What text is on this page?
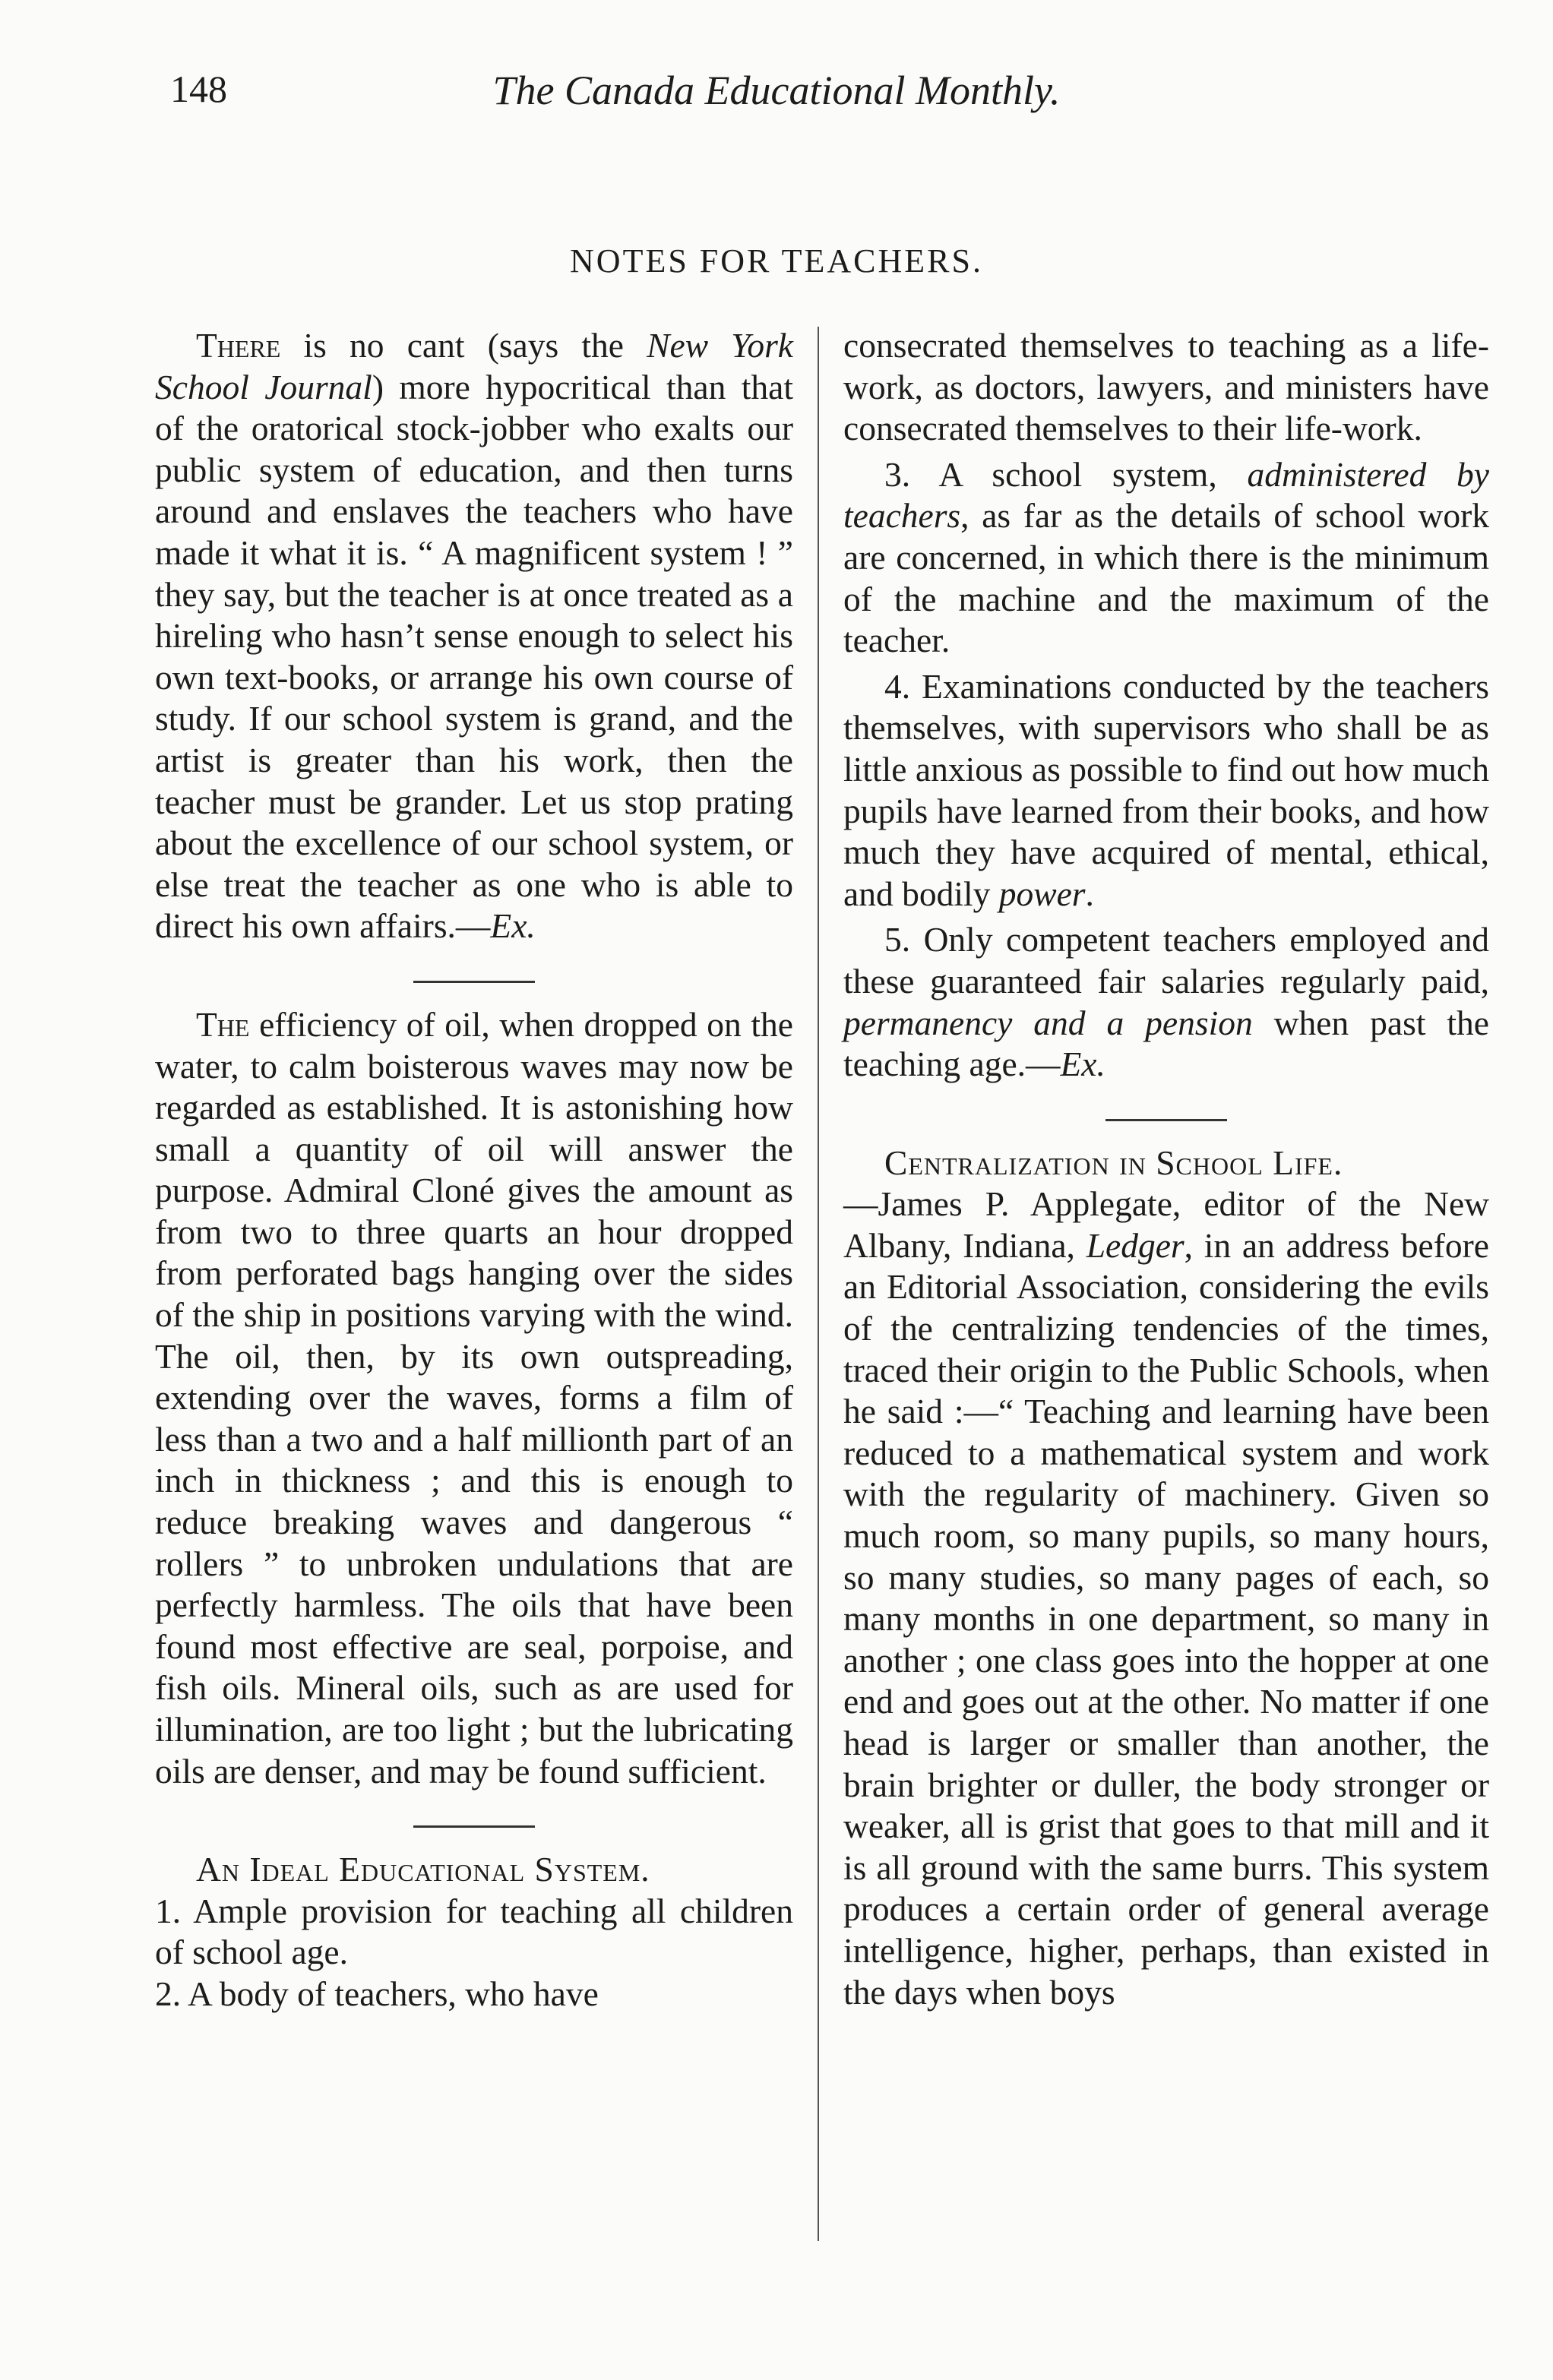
148	The Canada Educational Monthly.
NOTES FOR TEACHERS.

There is no cant (says the New York School Journal) more hypocritical than that of the oratorical stock-jobber who exalts our public system of education, and then turns around and enslaves the teachers who have made it what it is. “ A magnificent system ! ” they say, but the teacher is at once treated as a hireling who hasn’t sense enough to select his own text-books, or arrange his own course of study. If our school system is grand, and the artist is greater than his work, then the teacher must be grander. Let us stop prating about the excellence of our school system, or else treat the teacher as one who is able to direct his own affairs.—Ex.

The efficiency of oil, when dropped on the water, to calm boisterous waves may now be regarded as established. It is astonishing how small a quantity of oil will answer the purpose. Admiral Cloné gives the amount as from two to three quarts an hour dropped from perforated bags hanging over the sides of the ship in positions varying with the wind. The oil, then, by its own outspreading, extending over the waves, forms a film of less than a two and a half millionth part of an inch in thickness ; and this is enough to reduce breaking waves and dangerous “ rollers ” to unbroken undulations that are perfectly harmless. The oils that have been found most effective are seal, porpoise, and fish oils. Mineral oils, such as are used for illumination, are too light ; but the lubricating oils are denser, and may be found sufficient.

An Ideal Educational System.

1. Ample provision for teaching all children of school age.

2. A body of teachers, who have

consecrated themselves to teaching as a life-work, as doctors, lawyers, and ministers have consecrated themselves to their life-work.

3. A school system, administered by teachers, as far as the details of school work are concerned, in which there is the minimum of the machine and the maximum of the teacher.

4. Examinations conducted by the teachers themselves, with supervisors who shall be as little anxious as possible to find out how much pupils have learned from their books, and how much they have acquired of mental, ethical, and bodily power.

5. Only competent teachers employed and these guaranteed fair salaries regularly paid, permanency and a pension when past the teaching age.—Ex.

Centralization in School Life.

—James P. Applegate, editor of the New Albany, Indiana, Ledger, in an address before an Editorial Association, considering the evils of the centralizing tendencies of the times, traced their origin to the Public Schools, when he said :—“ Teaching and learning have been reduced to a mathematical system and work with the regularity of machinery. Given so much room, so many pupils, so many hours, so many studies, so many pages of each, so many months in one department, so many in another ; one class goes into the hopper at one end and goes out at the other. No matter if one head is larger or smaller than another, the brain brighter or duller, the body stronger or weaker, all is grist that goes to that mill and it is all ground with the same burrs. This system produces a certain order of general average intelligence, higher, perhaps, than existed in the days when boys
